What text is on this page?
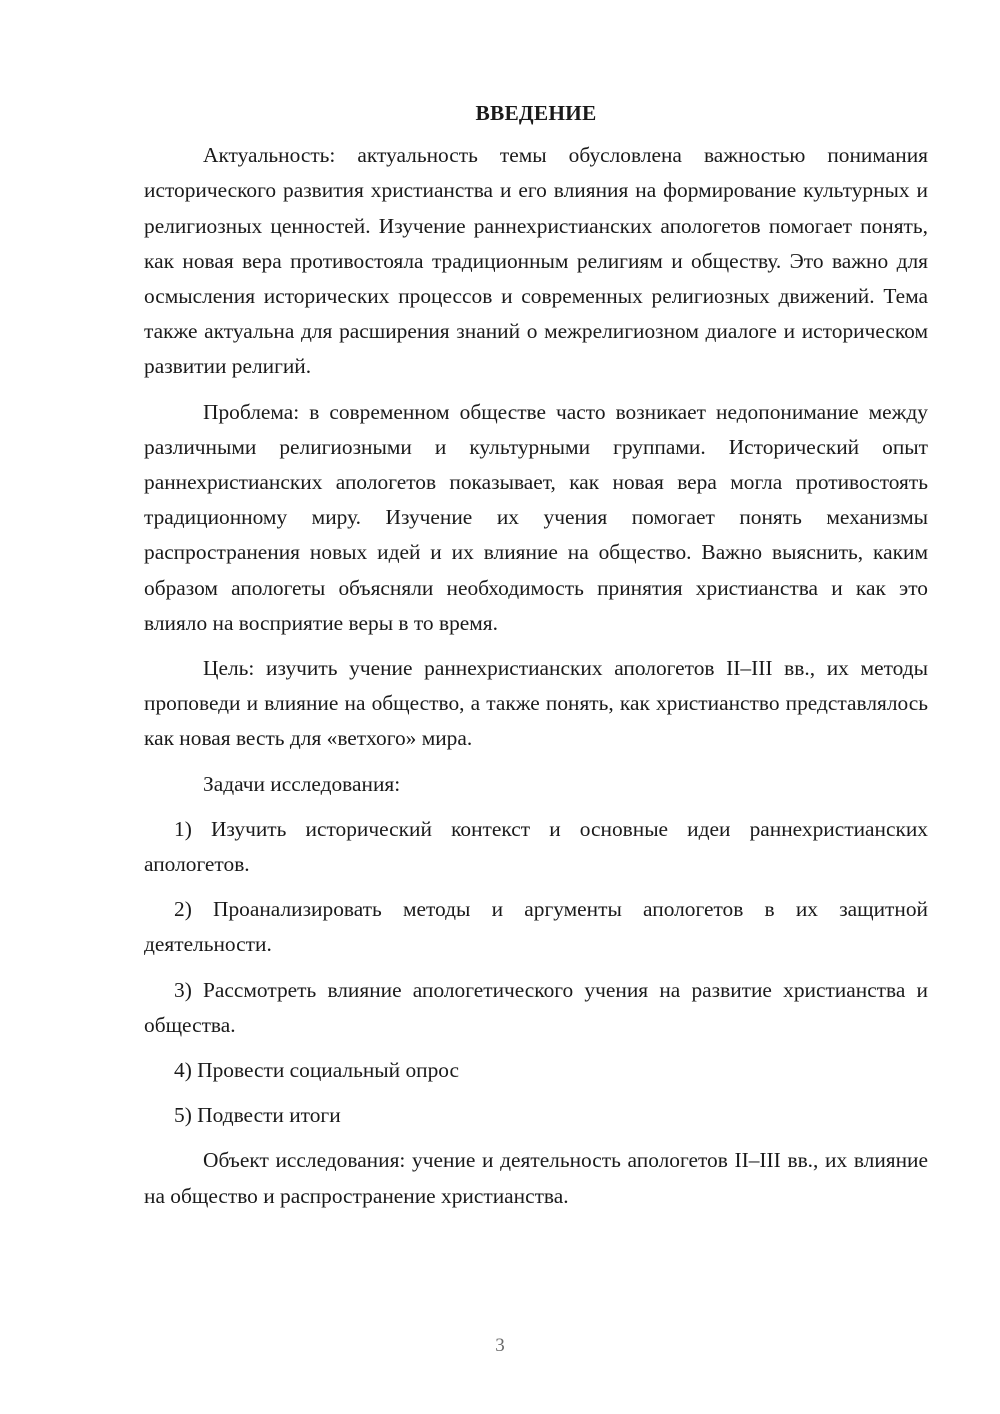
ВВЕДЕНИЕ

Актуальность: актуальность темы обусловлена важностью понимания исторического развития христианства и его влияния на формирование культурных и религиозных ценностей. Изучение раннехристианских апологетов помогает понять, как новая вера противостояла традиционным религиям и обществу. Это важно для осмысления исторических процессов и современных религиозных движений. Тема также актуальна для расширения знаний о межрелигиозном диалоге и историческом развитии религий.

Проблема: в современном обществе часто возникает недопонимание между различными религиозными и культурными группами. Исторический опыт раннехристианских апологетов показывает, как новая вера могла противостоять традиционному миру. Изучение их учения помогает понять механизмы распространения новых идей и их влияние на общество. Важно выяснить, каким образом апологеты объясняли необходимость принятия христианства и как это влияло на восприятие веры в то время.

Цель: изучить учение раннехристианских апологетов II–III вв., их методы проповеди и влияние на общество, а также понять, как христианство представлялось как новая весть для «ветхого» мира.

Задачи исследования:

1) Изучить исторический контекст и основные идеи раннехристианских апологетов.

2) Проанализировать методы и аргументы апологетов в их защитной деятельности.

3) Рассмотреть влияние апологетического учения на развитие христианства и общества.

4) Провести социальный опрос

5) Подвести итоги

Объект исследования: учение и деятельность апологетов II–III вв., их влияние на общество и распространение христианства.

3
